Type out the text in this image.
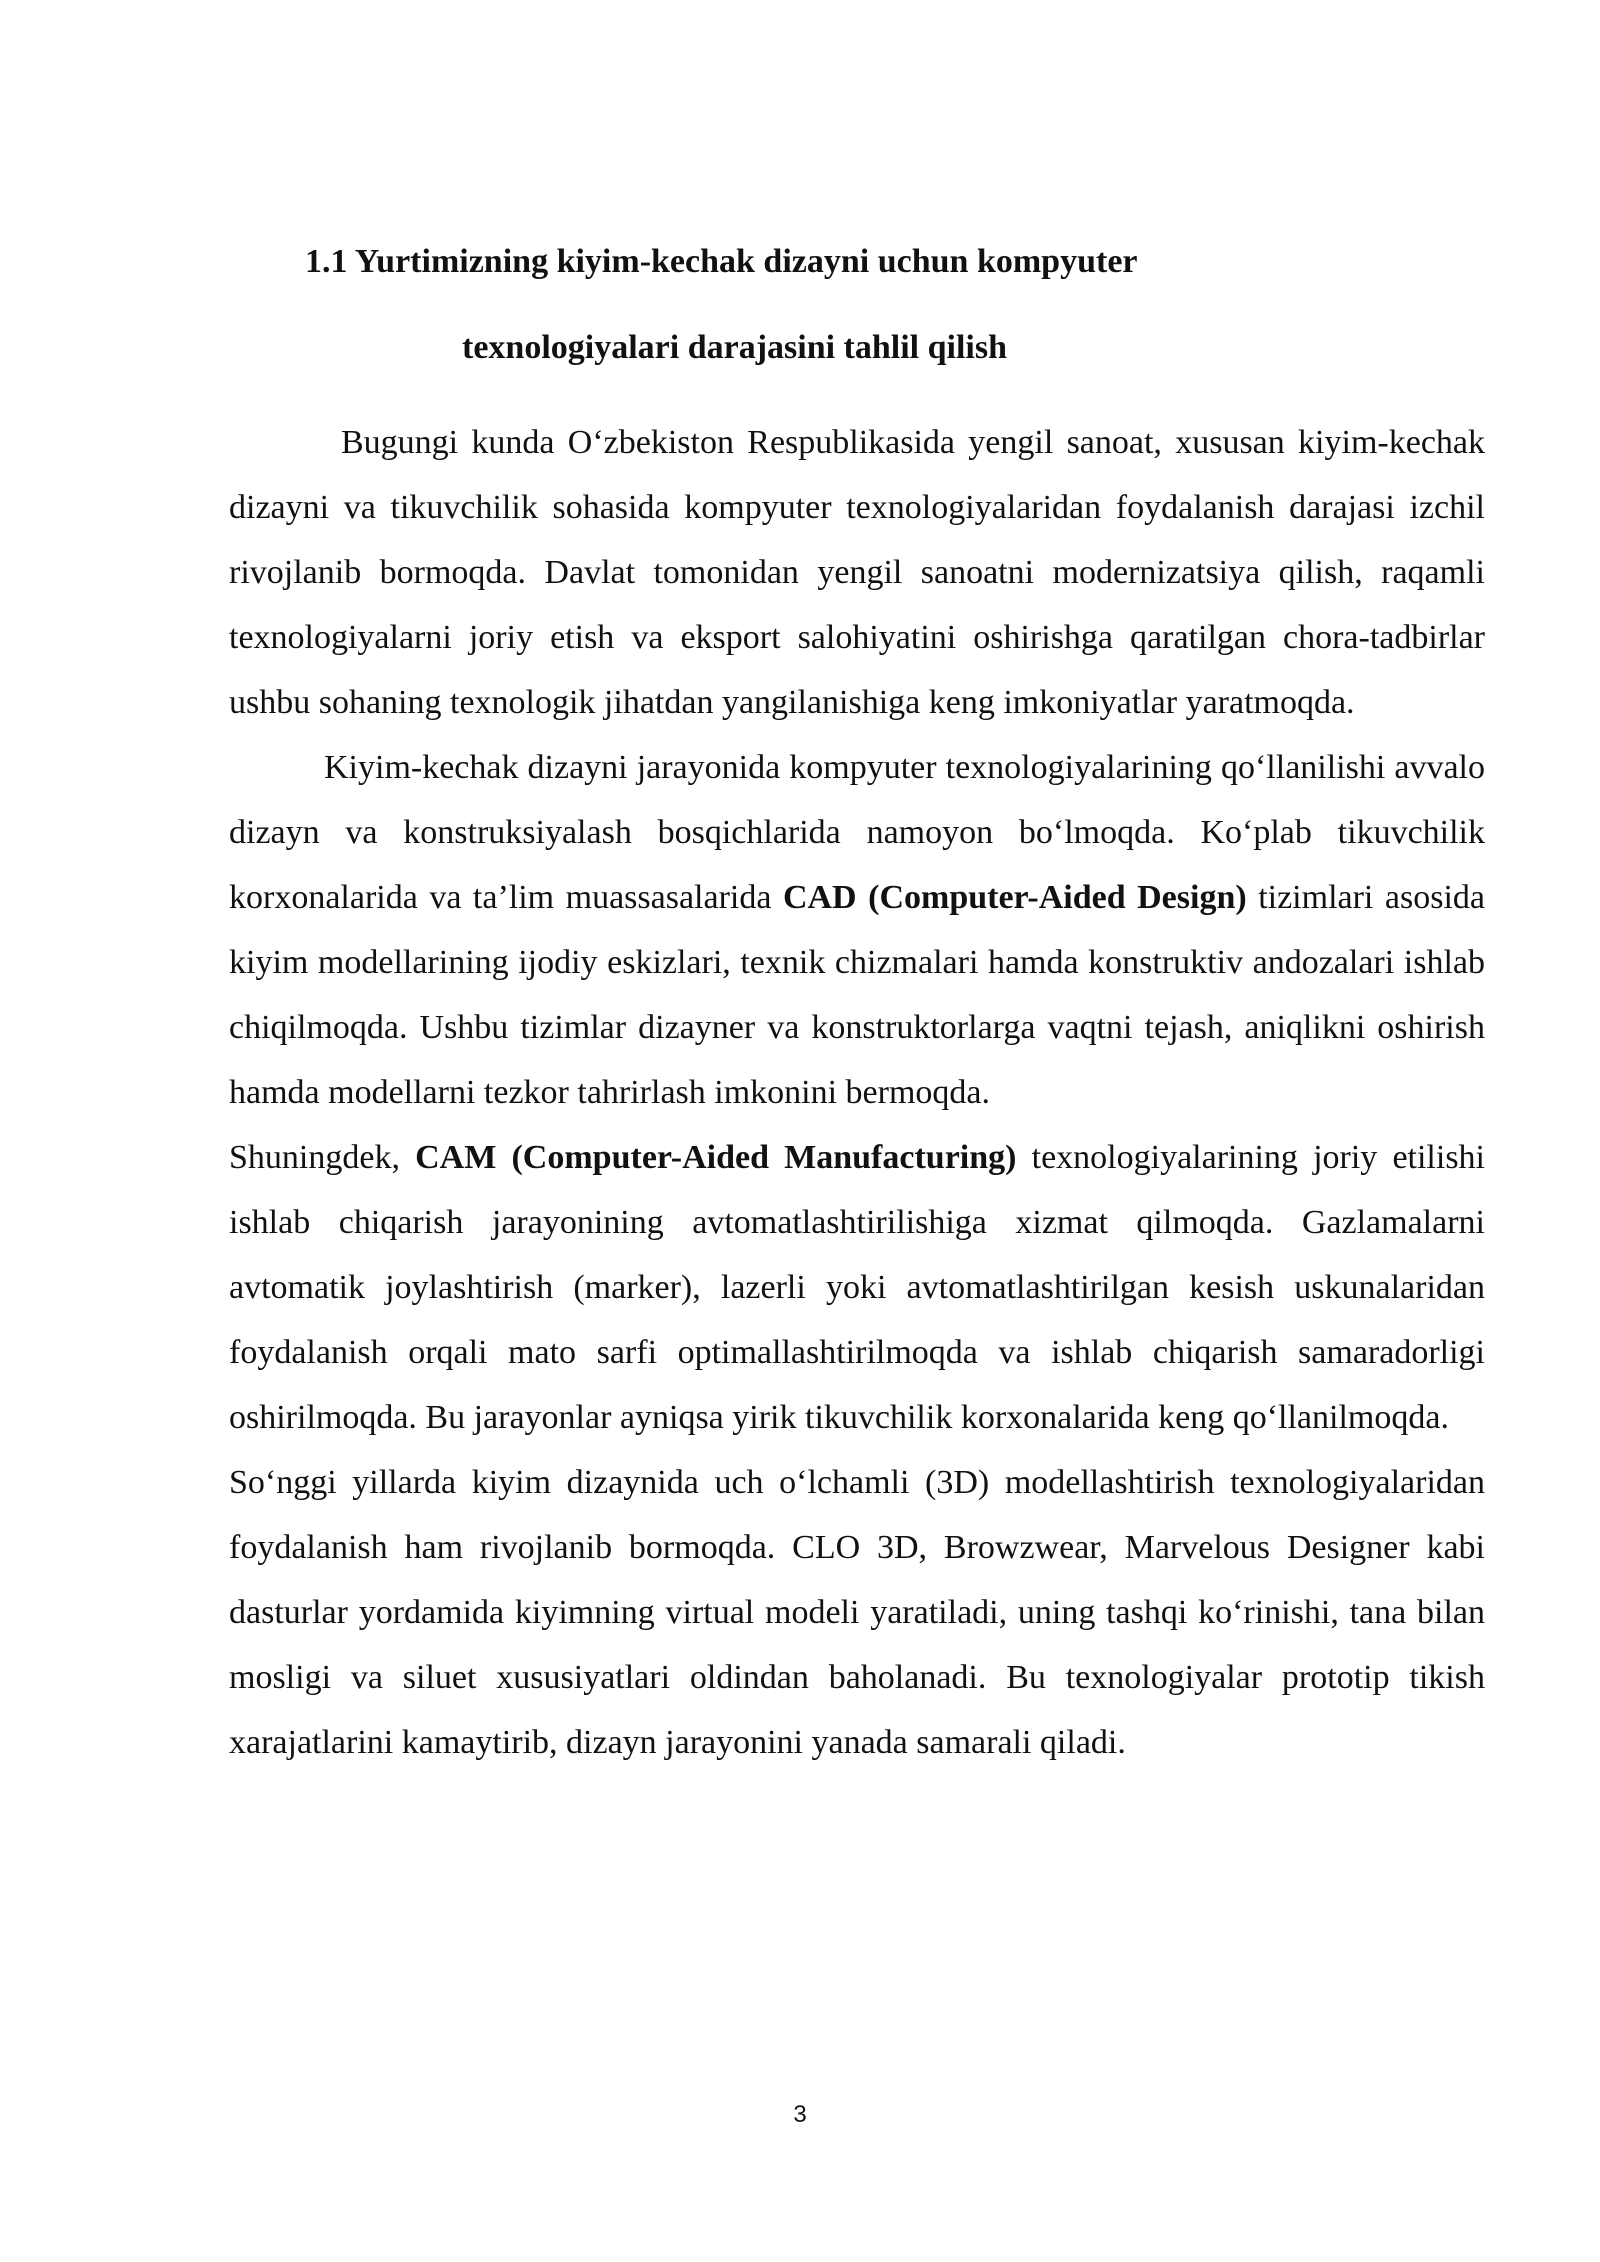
1.1 Yurtimizning kiyim-kechak dizayni uchun kompyuter
texnologiyalari darajasini tahlil qilish

Bugungi kunda O‘zbekiston Respublikasida yengil sanoat, xususan kiyim-kechak dizayni va tikuvchilik sohasida kompyuter texnologiyalaridan foydalanish darajasi izchil rivojlanib bormoqda. Davlat tomonidan yengil sanoatni modernizatsiya qilish, raqamli texnologiyalarni joriy etish va eksport salohiyatini oshirishga qaratilgan chora-tadbirlar ushbu sohaning texnologik jihatdan yangilanishiga keng imkoniyatlar yaratmoqda.

Kiyim-kechak dizayni jarayonida kompyuter texnologiyalarining qo‘llanilishi avvalo dizayn va konstruksiyalash bosqichlarida namoyon bo‘lmoqda. Ko‘plab tikuvchilik korxonalarida va ta’lim muassasalarida CAD (Computer-Aided Design) tizimlari asosida kiyim modellarining ijodiy eskizlari, texnik chizmalari hamda konstruktiv andozalari ishlab chiqilmoqda. Ushbu tizimlar dizayner va konstruktorlarga vaqtni tejash, aniqlikni oshirish hamda modellarni tezkor tahrirlash imkonini bermoqda.

Shuningdek, CAM (Computer-Aided Manufacturing) texnologiyalarining joriy etilishi ishlab chiqarish jarayonining avtomatlashtirilishiga xizmat qilmoqda. Gazlamalarni avtomatik joylashtirish (marker), lazerli yoki avtomatlashtirilgan kesish uskunalaridan foydalanish orqali mato sarfi optimallashtirilmoqda va ishlab chiqarish samaradorligi oshirilmoqda. Bu jarayonlar ayniqsa yirik tikuvchilik korxonalarida keng qo‘llanilmoqda.

So‘nggi yillarda kiyim dizaynida uch o‘lchamli (3D) modellashtirish texnologiyalaridan foydalanish ham rivojlanib bormoqda. CLO 3D, Browzwear, Marvelous Designer kabi dasturlar yordamida kiyimning virtual modeli yaratiladi, uning tashqi ko‘rinishi, tana bilan mosligi va siluet xususiyatlari oldindan baholanadi. Bu texnologiyalar prototip tikish xarajatlarini kamaytirib, dizayn jarayonini yanada samarali qiladi.

3
